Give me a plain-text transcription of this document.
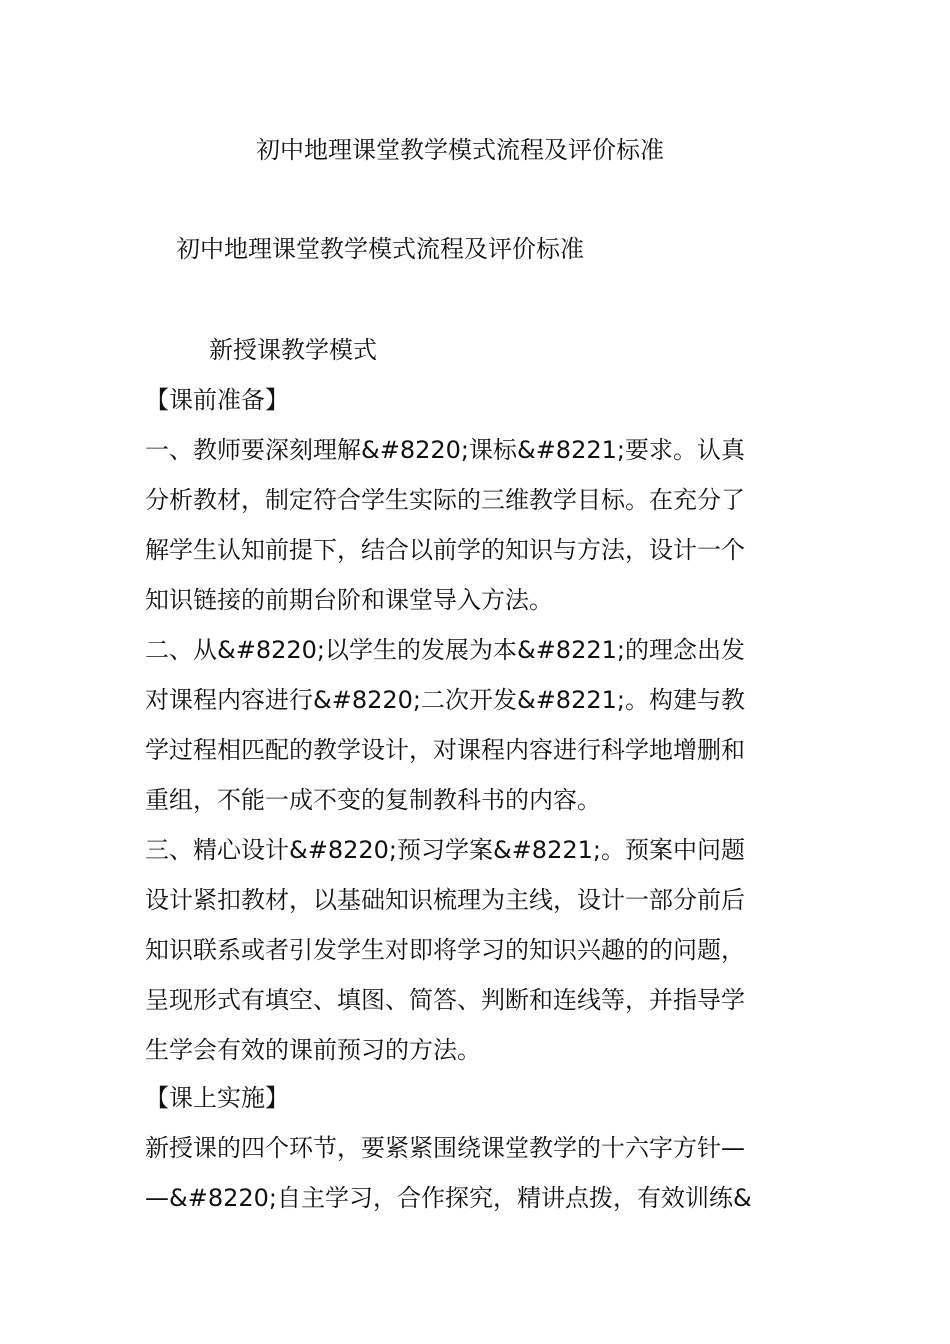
初中地理课堂教学模式流程及评价标准
初中地理课堂教学模式流程及评价标准
新授课教学模式
【课前准备】
一、教师要深刻理解&#8220;课标&#8221;要求。认真
分析教材，制定符合学生实际的三维教学目标。在充分了
解学生认知前提下，结合以前学的知识与方法，设计一个
知识链接的前期台阶和课堂导入方法。
二、从&#8220;以学生的发展为本&#8221;的理念出发
对课程内容进行&#8220;二次开发&#8221;。构建与教
学过程相匹配的教学设计，对课程内容进行科学地增删和
重组，不能一成不变的复制教科书的内容。
三、精心设计&#8220;预习学案&#8221;。预案中问题
设计紧扣教材，以基础知识梳理为主线，设计一部分前后
知识联系或者引发学生对即将学习的知识兴趣的的问题，
呈现形式有填空、填图、简答、判断和连线等，并指导学
生学会有效的课前预习的方法。
【课上实施】
新授课的四个环节，要紧紧围绕课堂教学的十六字方针—
—&#8220;自主学习，合作探究，精讲点拨，有效训练&
